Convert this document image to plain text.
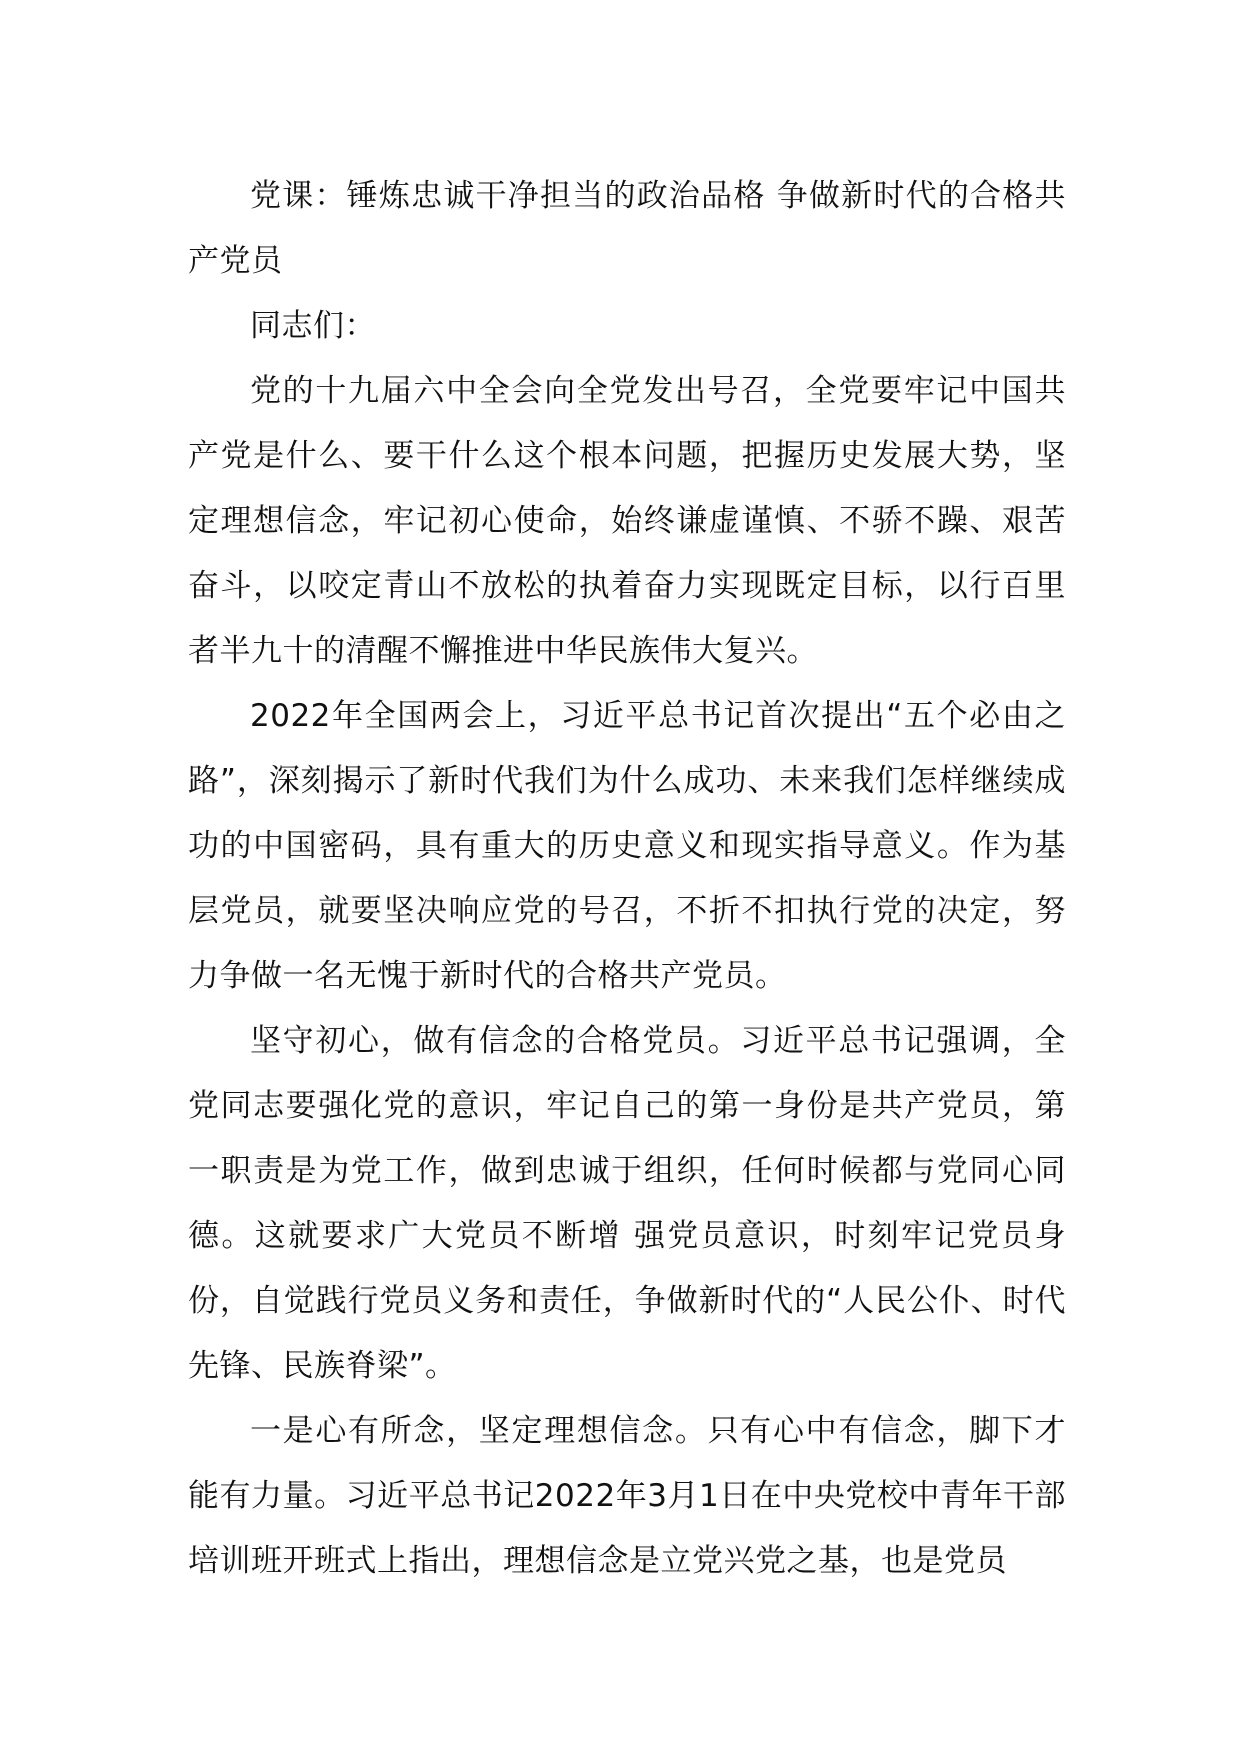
党课：锤炼忠诚干净担当的政治品格 争做新时代的合格共产党员

同志们：

党的十九届六中全会向全党发出号召，全党要牢记中国共产党是什么、要干什么这个根本问题，把握历史发展大势，坚定理想信念，牢记初心使命，始终谦虚谨慎、不骄不躁、艰苦奋斗，以咬定青山不放松的执着奋力实现既定目标，以行百里者半九十的清醒不懈推进中华民族伟大复兴。

2022年全国两会上，习近平总书记首次提出“五个必由之路”，深刻揭示了新时代我们为什么成功、未来我们怎样继续成功的中国密码，具有重大的历史意义和现实指导意义。作为基层党员，就要坚决响应党的号召，不折不扣执行党的决定，努力争做一名无愧于新时代的合格共产党员。

坚守初心，做有信念的合格党员。习近平总书记强调，全党同志要强化党的意识，牢记自己的第一身份是共产党员，第一职责是为党工作，做到忠诚于组织，任何时候都与党同心同德。这就要求广大党员不断增 强党员意识，时刻牢记党员身份，自觉践行党员义务和责任，争做新时代的“人民公仆、时代先锋、民族脊梁”。

一是心有所念，坚定理想信念。只有心中有信念，脚下才能有力量。习近平总书记2022年3月1日在中央党校中青年干部培训班开班式上指出，理想信念是立党兴党之基，也是党员
